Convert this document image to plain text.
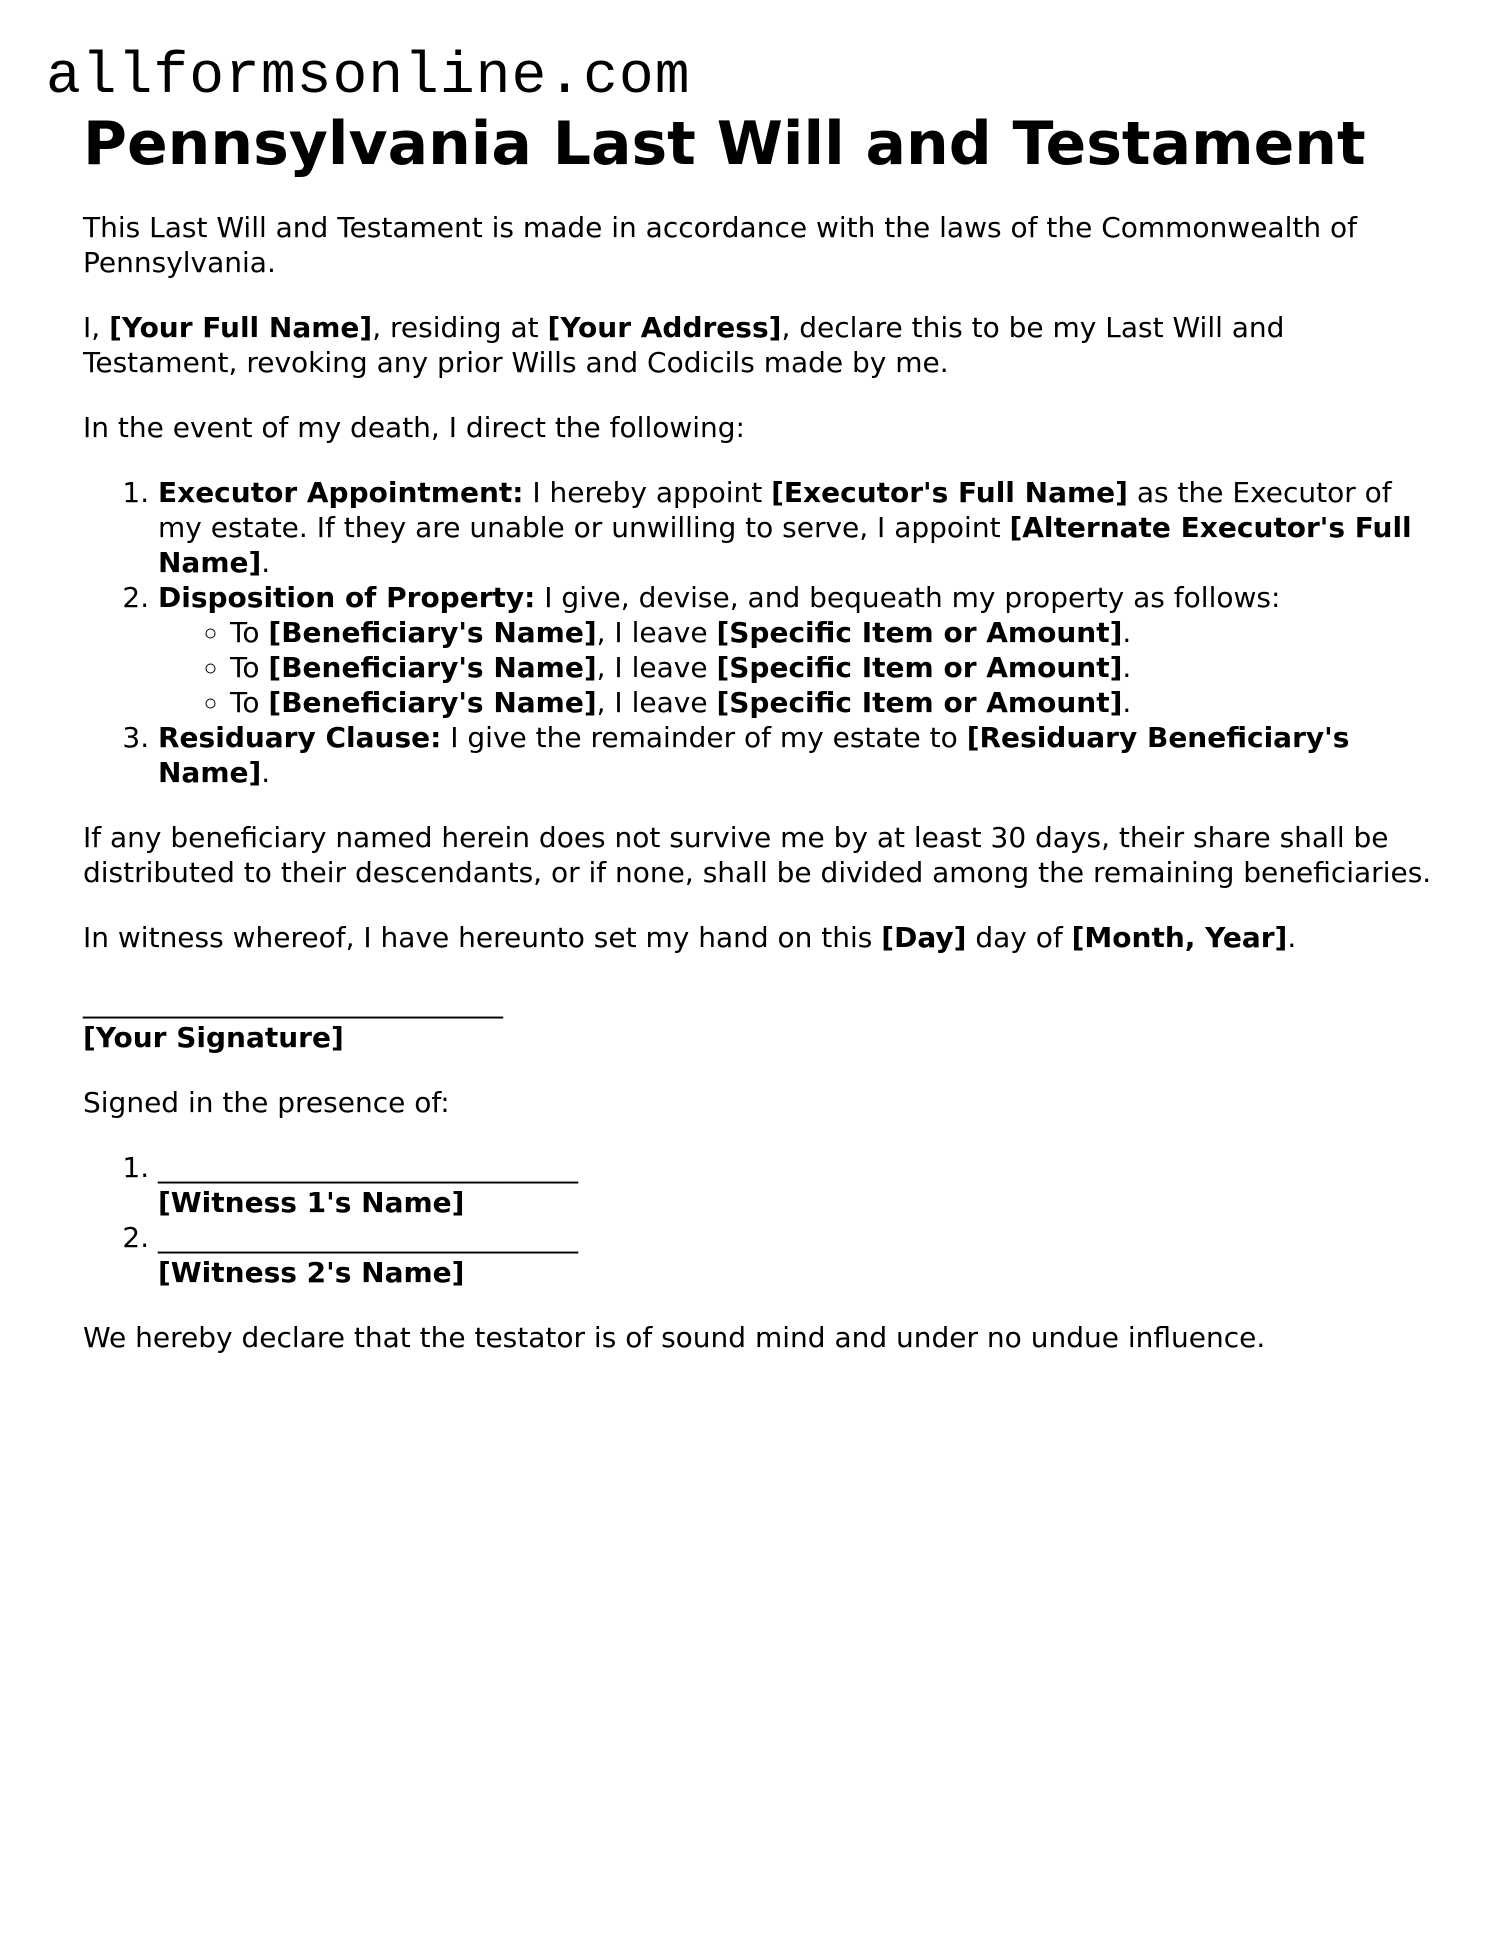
allformsonline.com
Pennsylvania Last Will and Testament

This Last Will and Testament is made in accordance with the laws of the Commonwealth of Pennsylvania.

I, [Your Full Name], residing at [Your Address], declare this to be my Last Will and Testament, revoking any prior Wills and Codicils made by me.

In the event of my death, I direct the following:

1. Executor Appointment: I hereby appoint [Executor's Full Name] as the Executor of my estate. If they are unable or unwilling to serve, I appoint [Alternate Executor's Full Name].
2. Disposition of Property: I give, devise, and bequeath my property as follows:
◦ To [Beneficiary's Name], I leave [Specific Item or Amount].
◦ To [Beneficiary's Name], I leave [Specific Item or Amount].
◦ To [Beneficiary's Name], I leave [Specific Item or Amount].
3. Residuary Clause: I give the remainder of my estate to [Residuary Beneficiary's Name].

If any beneficiary named herein does not survive me by at least 30 days, their share shall be distributed to their descendants, or if none, shall be divided among the remaining beneficiaries.

In witness whereof, I have hereunto set my hand on this [Day] day of [Month, Year].

______________________________
[Your Signature]

Signed in the presence of:

1. ______________________________
[Witness 1's Name]
2. ______________________________
[Witness 2's Name]

We hereby declare that the testator is of sound mind and under no undue influence.
